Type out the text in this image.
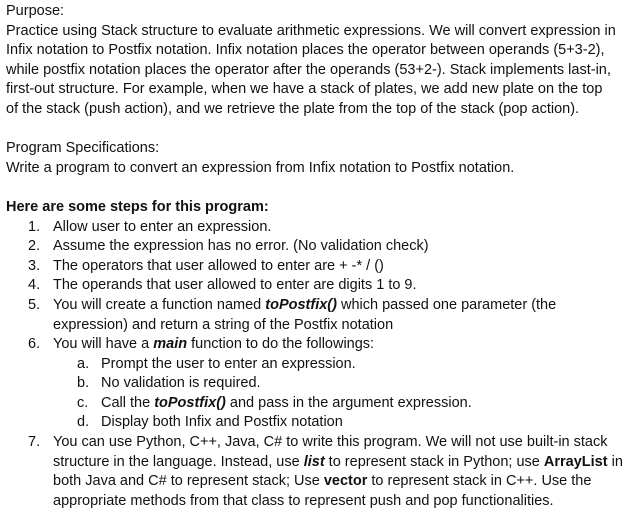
Purpose:
Practice using Stack structure to evaluate arithmetic expressions. We will convert expression in
Infix notation to Postfix notation. Infix notation places the operator between operands (5+3-2),
while postfix notation places the operator after the operands (53+2-). Stack implements last-in,
first-out structure. For example, when we have a stack of plates, we add new plate on the top
of the stack (push action), and we retrieve the plate from the top of the stack (pop action).
Program Specifications:
Write a program to convert an expression from Infix notation to Postfix notation.
Here are some steps for this program:
1. Allow user to enter an expression.
2. Assume the expression has no error. (No validation check)
3. The operators that user allowed to enter are + -* / ()
4. The operands that user allowed to enter are digits 1 to 9.
5. You will create a function named toPostfix() which passed one parameter (the
expression) and return a string of the Postfix notation
6. You will have a main function to do the followings:
a. Prompt the user to enter an expression.
b. No validation is required.
c. Call the toPostfix() and pass in the argument expression.
d. Display both Infix and Postfix notation
7. You can use Python, C++, Java, C# to write this program. We will not use built-in stack
structure in the language. Instead, use list to represent stack in Python; use ArrayList in
both Java and C# to represent stack; Use vector to represent stack in C++. Use the
appropriate methods from that class to represent push and pop functionalities.
